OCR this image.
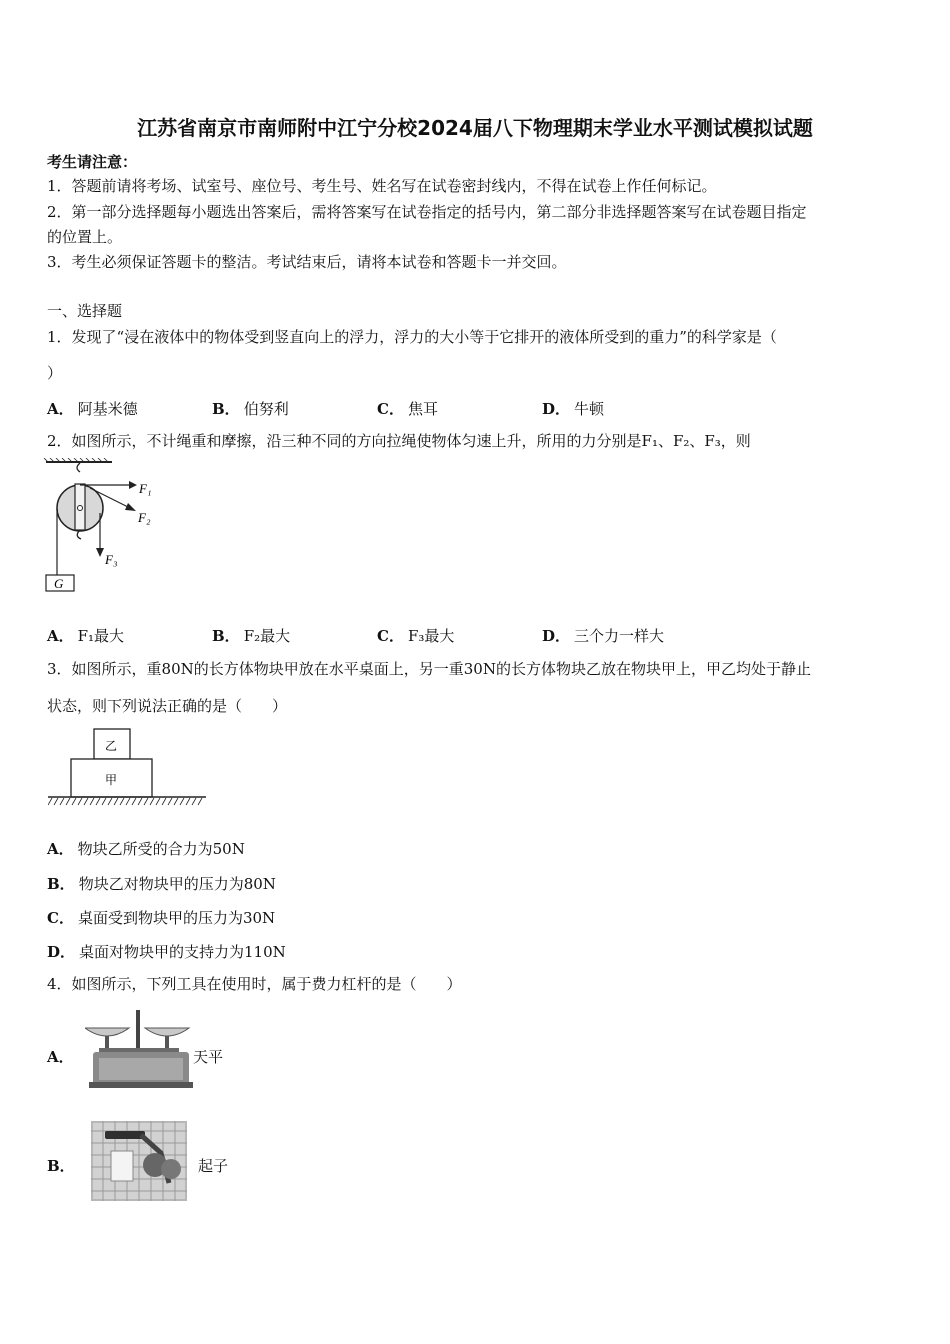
江苏省南京市南师附中江宁分校2024届八下物理期末学业水平测试模拟试题
考生请注意：
1．答题前请将考场、试室号、座位号、考生号、姓名写在试卷密封线内，不得在试卷上作任何标记。
2．第一部分选择题每小题选出答案后，需将答案写在试卷指定的括号内，第二部分非选择题答案写在试卷题目指定
的位置上。
3．考生必须保证答题卡的整洁。考试结束后，请将本试卷和答题卡一并交回。
一、选择题
1．发现了“浸在液体中的物体受到竖直向上的浮力，浮力的大小等于它排开的液体所受到的重力”的科学家是（
）
A． 阿基米德	B． 伯努利	C． 焦耳	D． 牛顿
2．如图所示，不计绳重和摩擦，沿三种不同的方向拉绳使物体匀速上升，所用的力分别是F₁、F₂、F₃，则
F₁
F₂
F₃
G
A． F₁最大	B． F₂最大	C． F₃最大	D． 三个力一样大
3．如图所示，重80N的长方体物块甲放在水平桌面上，另一重30N的长方体物块乙放在物块甲上，甲乙均处于静止
状态，则下列说法正确的是（　　）
乙
甲
A． 物块乙所受的合力为50N
B． 物块乙对物块甲的压力为80N
C． 桌面受到物块甲的压力为30N
D． 桌面对物块甲的支持力为110N
4．如图所示，下列工具在使用时，属于费力杠杆的是（　　）
A．	天平
B．	起子
